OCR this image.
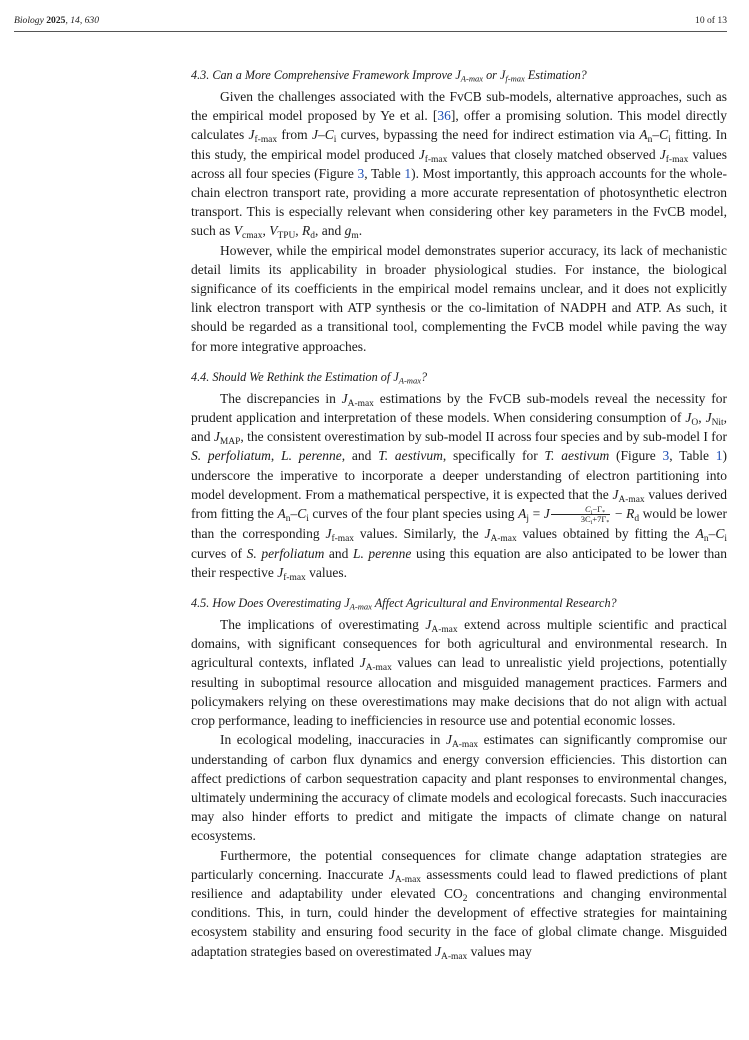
Biology 2025, 14, 630	10 of 13
4.3. Can a More Comprehensive Framework Improve $J_{A-max}$ or $J_{f-max}$ Estimation?

Given the challenges associated with the FvCB sub-models, alternative approaches, such as the empirical model proposed by Ye et al. [36], offer a promising solution. This model directly calculates $J_{f-max}$ from $J-C_i$ curves, bypassing the need for indirect estimation via $A_n-C_i$ fitting. In this study, the empirical model produced $J_{f-max}$ values that closely matched observed $J_{f-max}$ values across all four species (Figure 3, Table 1). Most importantly, this approach accounts for the whole-chain electron transport rate, providing a more accurate representation of photosynthetic electron transport. This is especially relevant when considering other key parameters in the FvCB model, such as $V_{cmax}$, $V_{TPU}$, $R_d$, and $g_m$.

However, while the empirical model demonstrates superior accuracy, its lack of mechanistic detail limits its applicability in broader physiological studies. For instance, the biological significance of its coefficients in the empirical model remains unclear, and it does not explicitly link electron transport with ATP synthesis or the co-limitation of NADPH and ATP. As such, it should be regarded as a transitional tool, complementing the FvCB model while paving the way for more integrative approaches.

4.4. Should We Rethink the Estimation of $J_{A-max}$?

The discrepancies in $J_{A-max}$ estimations by the FvCB sub-models reveal the necessity for prudent application and interpretation of these models. When considering consumption of $J_O$, $J_{Nit}$, and $J_{MAP}$, the consistent overestimation by sub-model II across four species and by sub-model I for S. perfoliatum, L. perenne, and T. aestivum, specifically for T. aestivum (Figure 3, Table 1) underscore the imperative to incorporate a deeper understanding of electron partitioning into model development. From a mathematical perspective, it is expected that the $J_{A-max}$ values derived from fitting the $A_n-C_i$ curves of the four plant species using $A_j = J \frac{C_i-\Gamma_*}{3C_i+7\Gamma_*} - R_d$ would be lower than the corresponding $J_{f-max}$ values. Similarly, the $J_{A-max}$ values obtained by fitting the $A_n-C_i$ curves of S. perfoliatum and L. perenne using this equation are also anticipated to be lower than their respective $J_{f-max}$ values.

4.5. How Does Overestimating $J_{A-max}$ Affect Agricultural and Environmental Research?

The implications of overestimating $J_{A-max}$ extend across multiple scientific and practical domains, with significant consequences for both agricultural and environmental research. In agricultural contexts, inflated $J_{A-max}$ values can lead to unrealistic yield projections, potentially resulting in suboptimal resource allocation and misguided management practices. Farmers and policymakers relying on these overestimations may make decisions that do not align with actual crop performance, leading to inefficiencies in resource use and potential economic losses.

In ecological modeling, inaccuracies in $J_{A-max}$ estimates can significantly compromise our understanding of carbon flux dynamics and energy conversion efficiencies. This distortion can affect predictions of carbon sequestration capacity and plant responses to environmental changes, ultimately undermining the accuracy of climate models and ecological forecasts. Such inaccuracies may also hinder efforts to predict and mitigate the impacts of climate change on natural ecosystems.

Furthermore, the potential consequences for climate change adaptation strategies are particularly concerning. Inaccurate $J_{A-max}$ assessments could lead to flawed predictions of plant resilience and adaptability under elevated $CO_2$ concentrations and changing environmental conditions. This, in turn, could hinder the development of effective strategies for maintaining ecosystem stability and ensuring food security in the face of global climate change. Misguided adaptation strategies based on overestimated $J_{A-max}$ values may
